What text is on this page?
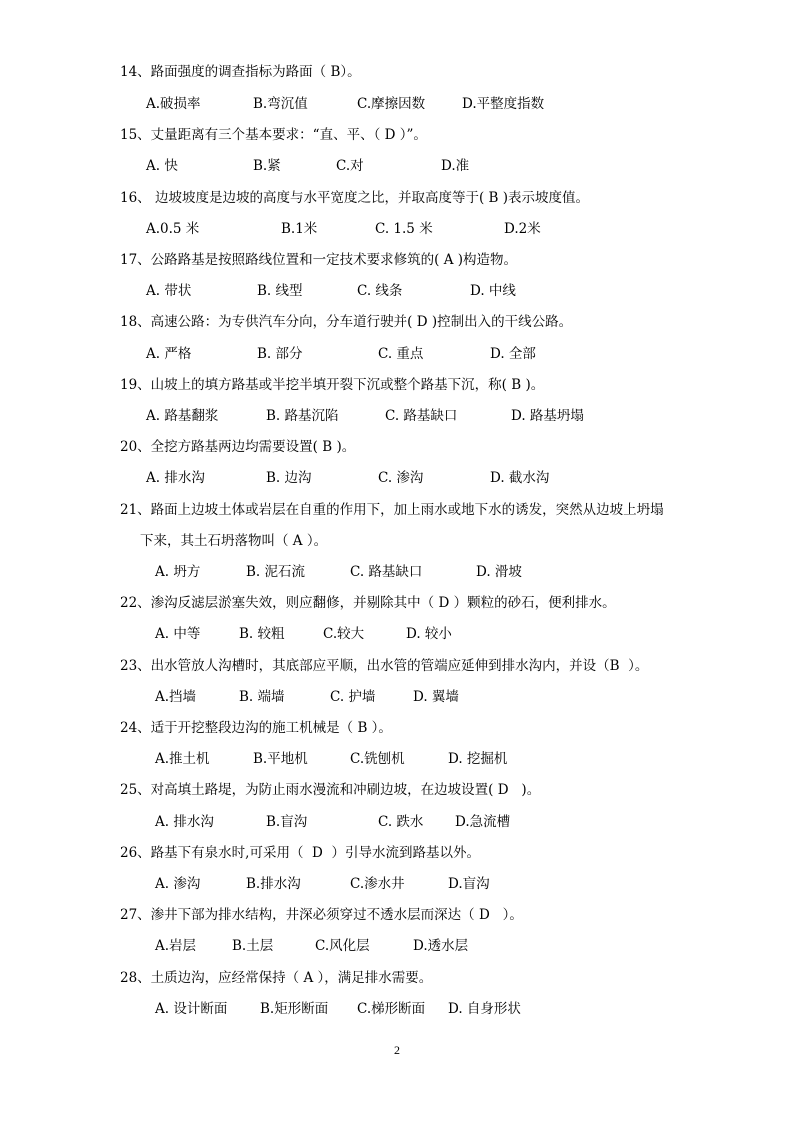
14、路面强度的调查指标为路面（ B）。
A.破损率	B.弯沉值	C.摩擦因数	D.平整度指数
15、丈量距离有三个基本要求：“直、平、（ D ）”。
A. 快	B.紧	C.对	D.准
16、 边坡坡度是边坡的高度与水平宽度之比，并取高度等于( B )表示坡度值。
A.0.5 米	B.1米	C. 1.5 米	D.2米
17、公路路基是按照路线位置和一定技术要求修筑的( A )构造物。
A. 带状	B. 线型	C. 线条	D. 中线
18、高速公路：为专供汽车分向，分车道行驶并( D )控制出入的干线公路。
A. 严格	B. 部分	C. 重点	D. 全部
19、山坡上的填方路基或半挖半填开裂下沉或整个路基下沉，称( B )。
A. 路基翻浆	B. 路基沉陷	C. 路基缺口	D. 路基坍塌
20、全挖方路基两边均需要设置( B )。
A. 排水沟	B. 边沟	C. 渗沟	D. 截水沟
21、路面上边坡土体或岩层在自重的作用下，加上雨水或地下水的诱发，突然从边坡上坍塌
下来，其土石坍落物叫（ A ）。
A. 坍方	B. 泥石流	C. 路基缺口	D. 滑坡
22、渗沟反滤层淤塞失效，则应翻修，并剔除其中（ D ）颗粒的砂石，便利排水。
A. 中等	B. 较粗	C.较大	D. 较小
23、出水管放人沟槽时，其底部应平顺，出水管的管端应延伸到排水沟内，并设（B  ）。
A.挡墙	B. 端墙	C. 护墙	D. 翼墙
24、适于开挖整段边沟的施工机械是（ B ）。
A.推土机	B.平地机	C.铣刨机	D. 挖掘机
25、对高填土路堤，为防止雨水漫流和冲刷边坡，在边坡设置( D   )。
A. 排水沟	B.盲沟	C. 跌水 D.急流槽
26、路基下有泉水时,可采用（  D  ）引导水流到路基以外。
A. 渗沟	B.排水沟	C.渗水井	D.盲沟
27、渗井下部为排水结构，井深必须穿过不透水层而深达（ D   ）。
A.岩层	B.土层	C.风化层	D.透水层
28、土质边沟，应经常保持（ A ），满足排水需要。
A. 设计断面 B.矩形断面 C.梯形断面 D. 自身形状
2
